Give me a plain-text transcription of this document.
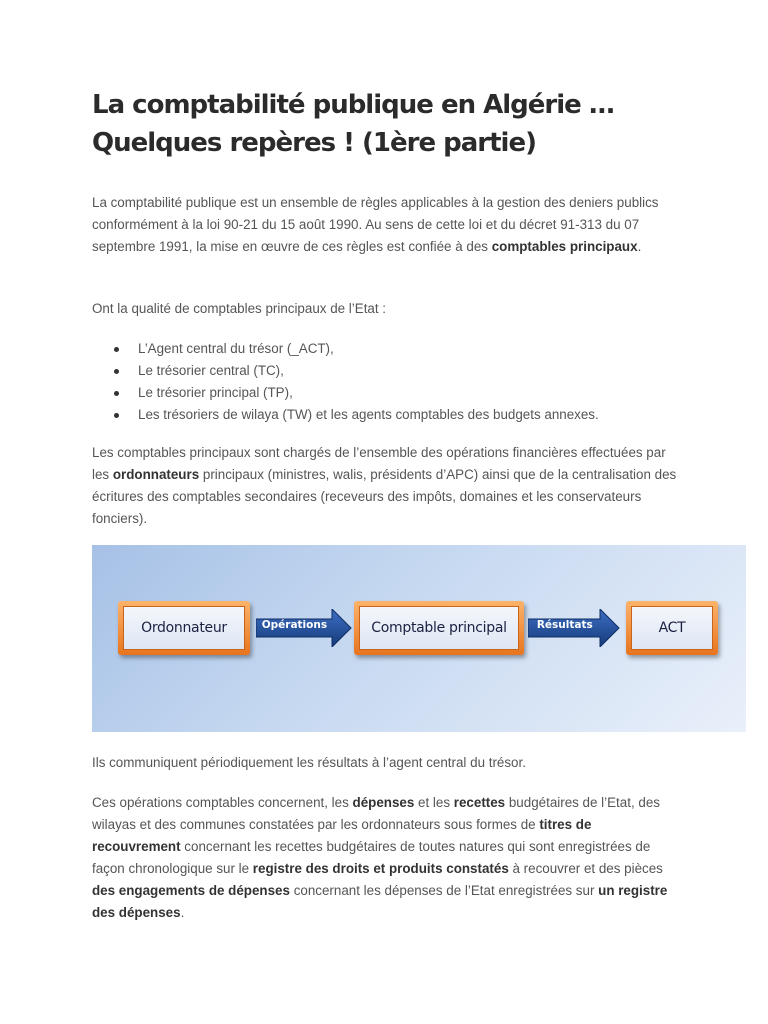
La comptabilité publique en Algérie … Quelques repères ! (1ère partie)

La comptabilité publique est un ensemble de règles applicables à la gestion des deniers publics conformément à la loi 90-21 du 15 août 1990. Au sens de cette loi et du décret 91-313 du 07 septembre 1991, la mise en œuvre de ces règles est confiée à des comptables principaux.

Ont la qualité de comptables principaux de l’Etat :

L’Agent central du trésor (_ACT),
Le trésorier central (TC),
Le trésorier principal (TP),
Les trésoriers de wilaya (TW) et les agents comptables des budgets annexes.

Les comptables principaux sont chargés de l’ensemble des opérations financières effectuées par les ordonnateurs principaux (ministres, walis, présidents d’APC) ainsi que de la centralisation des écritures des comptables secondaires (receveurs des impôts, domaines et les conservateurs fonciers).

Ordonnateur	Opérations	Comptable principal	Résultats	ACT

Ils communiquent périodiquement les résultats à l’agent central du trésor.

Ces opérations comptables concernent, les dépenses et les recettes budgétaires de l’Etat, des wilayas et des communes constatées par les ordonnateurs sous formes de titres de recouvrement concernant les recettes budgétaires de toutes natures qui sont enregistrées de façon chronologique sur le registre des droits et produits constatés à recouvrer et des pièces des engagements de dépenses concernant les dépenses de l’Etat enregistrées sur un registre des dépenses.
